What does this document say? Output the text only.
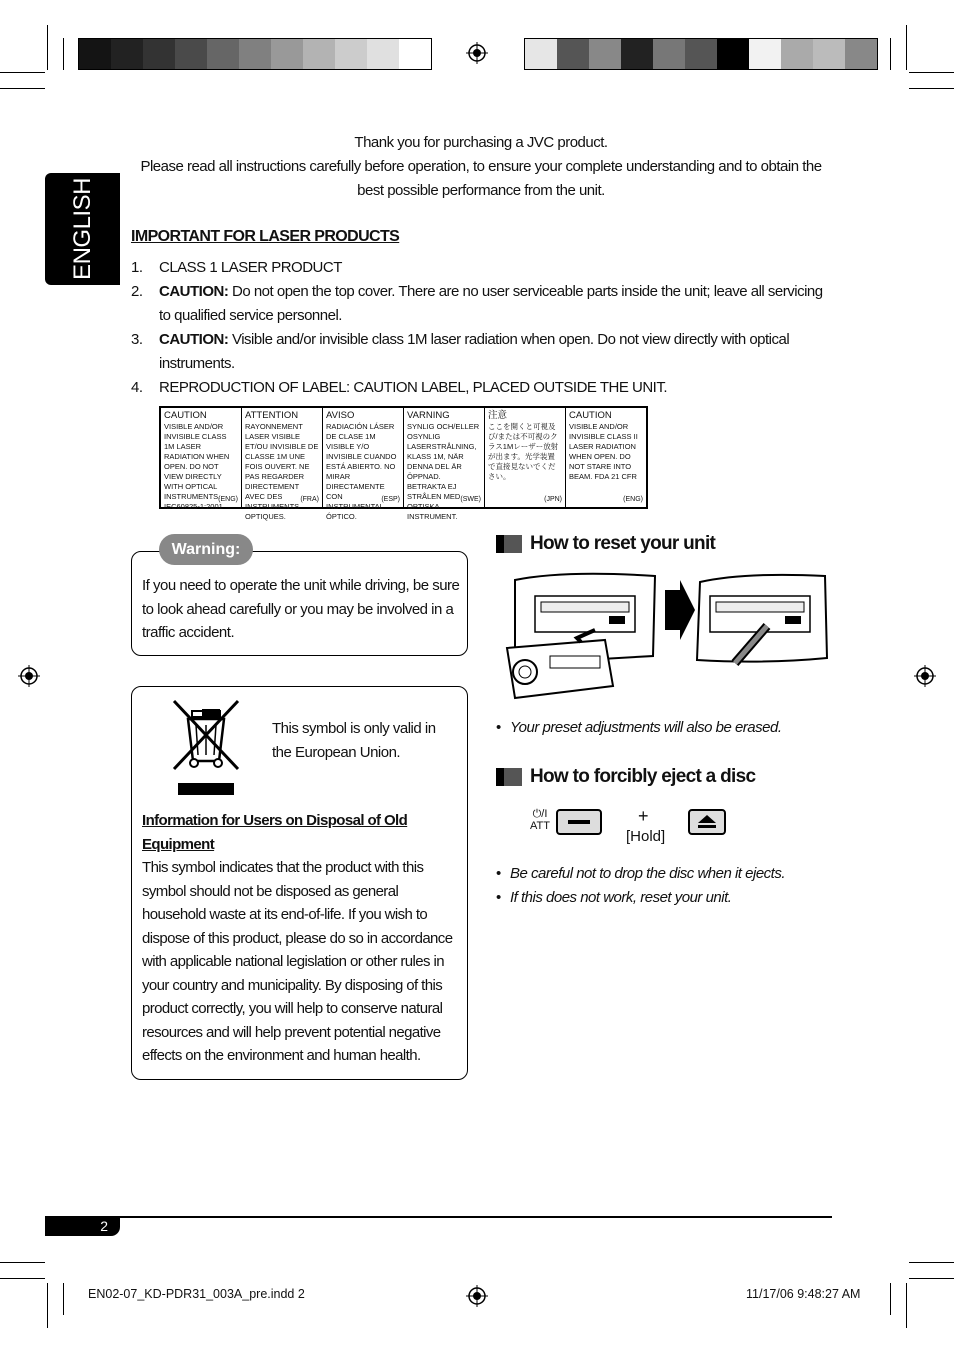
Thank you for purchasing a JVC product.
Please read all instructions carefully before operation, to ensure your complete understanding and to obtain the best possible performance from the unit.
ENGLISH IMPORTANT FOR LASER PRODUCTS
1. CLASS 1 LASER PRODUCT
2. CAUTION: Do not open the top cover. There are no user serviceable parts inside the unit; leave all servicing to qualified service personnel.
3. CAUTION: Visible and/or invisible class 1M laser radiation when open. Do not view directly with optical instruments.
4. REPRODUCTION OF LABEL: CAUTION LABEL, PLACED OUTSIDE THE UNIT.
CAUTION
VISIBLE AND/OR INVISIBLE CLASS 1M LASER RADIATION WHEN OPEN. DO NOT VIEW DIRECTLY WITH OPTICAL INSTRUMENTS. IEC60825-1:2001
(ENG)
ATTENTION
RAYONNEMENT LASER VISIBLE ET/OU INVISIBLE DE CLASSE 1M UNE FOIS OUVERT. NE PAS REGARDER DIRECTEMENT AVEC DES INSTRUMENTS OPTIQUES.
(FRA)
AVISO
RADIACIÓN LÁSER DE CLASE 1M VISIBLE Y/O INVISIBLE CUANDO ESTÁ ABIERTO. NO MIRAR DIRECTAMENTE CON INSTRUMENTAL ÓPTICO.
(ESP)
VARNING
SYNLIG OCH/ELLER OSYNLIG LASERSTRÅLNING, KLASS 1M, NÄR DENNA DEL ÄR ÖPPNAD. BETRAKTA EJ STRÅLEN MED OPTISKA INSTRUMENT.
(SWE)
注意
ここを開くと可視及び/または不可視のクラス1Mレーザー放射が出ます。光学装置で直接見ないでください。
(JPN)
CAUTION
VISIBLE AND/OR INVISIBLE CLASS II LASER RADIATION WHEN OPEN. DO NOT STARE INTO BEAM. FDA 21 CFR
(ENG)
Warning:
If you need to operate the unit while driving, be sure to look ahead carefully or you may be involved in a traffic accident.
This symbol is only valid in the European Union.
Information for Users on Disposal of Old Equipment
This symbol indicates that the product with this symbol should not be disposed as general household waste at its end-of-life. If you wish to dispose of this product, please do so in accordance with applicable national legislation or other rules in your country and municipality. By disposing of this product correctly, you will help to conserve natural resources and will help prevent potential negative effects on the environment and human health.
How to reset your unit
• Your preset adjustments will also be erased.
How to forcibly eject a disc
⏻/I
ATT	+
[Hold]
• Be careful not to drop the disc when it ejects.
• If this does not work, reset your unit.
2
EN02-07_KD-PDR31_003A_pre.indd 2	11/17/06 9:48:27 AM
